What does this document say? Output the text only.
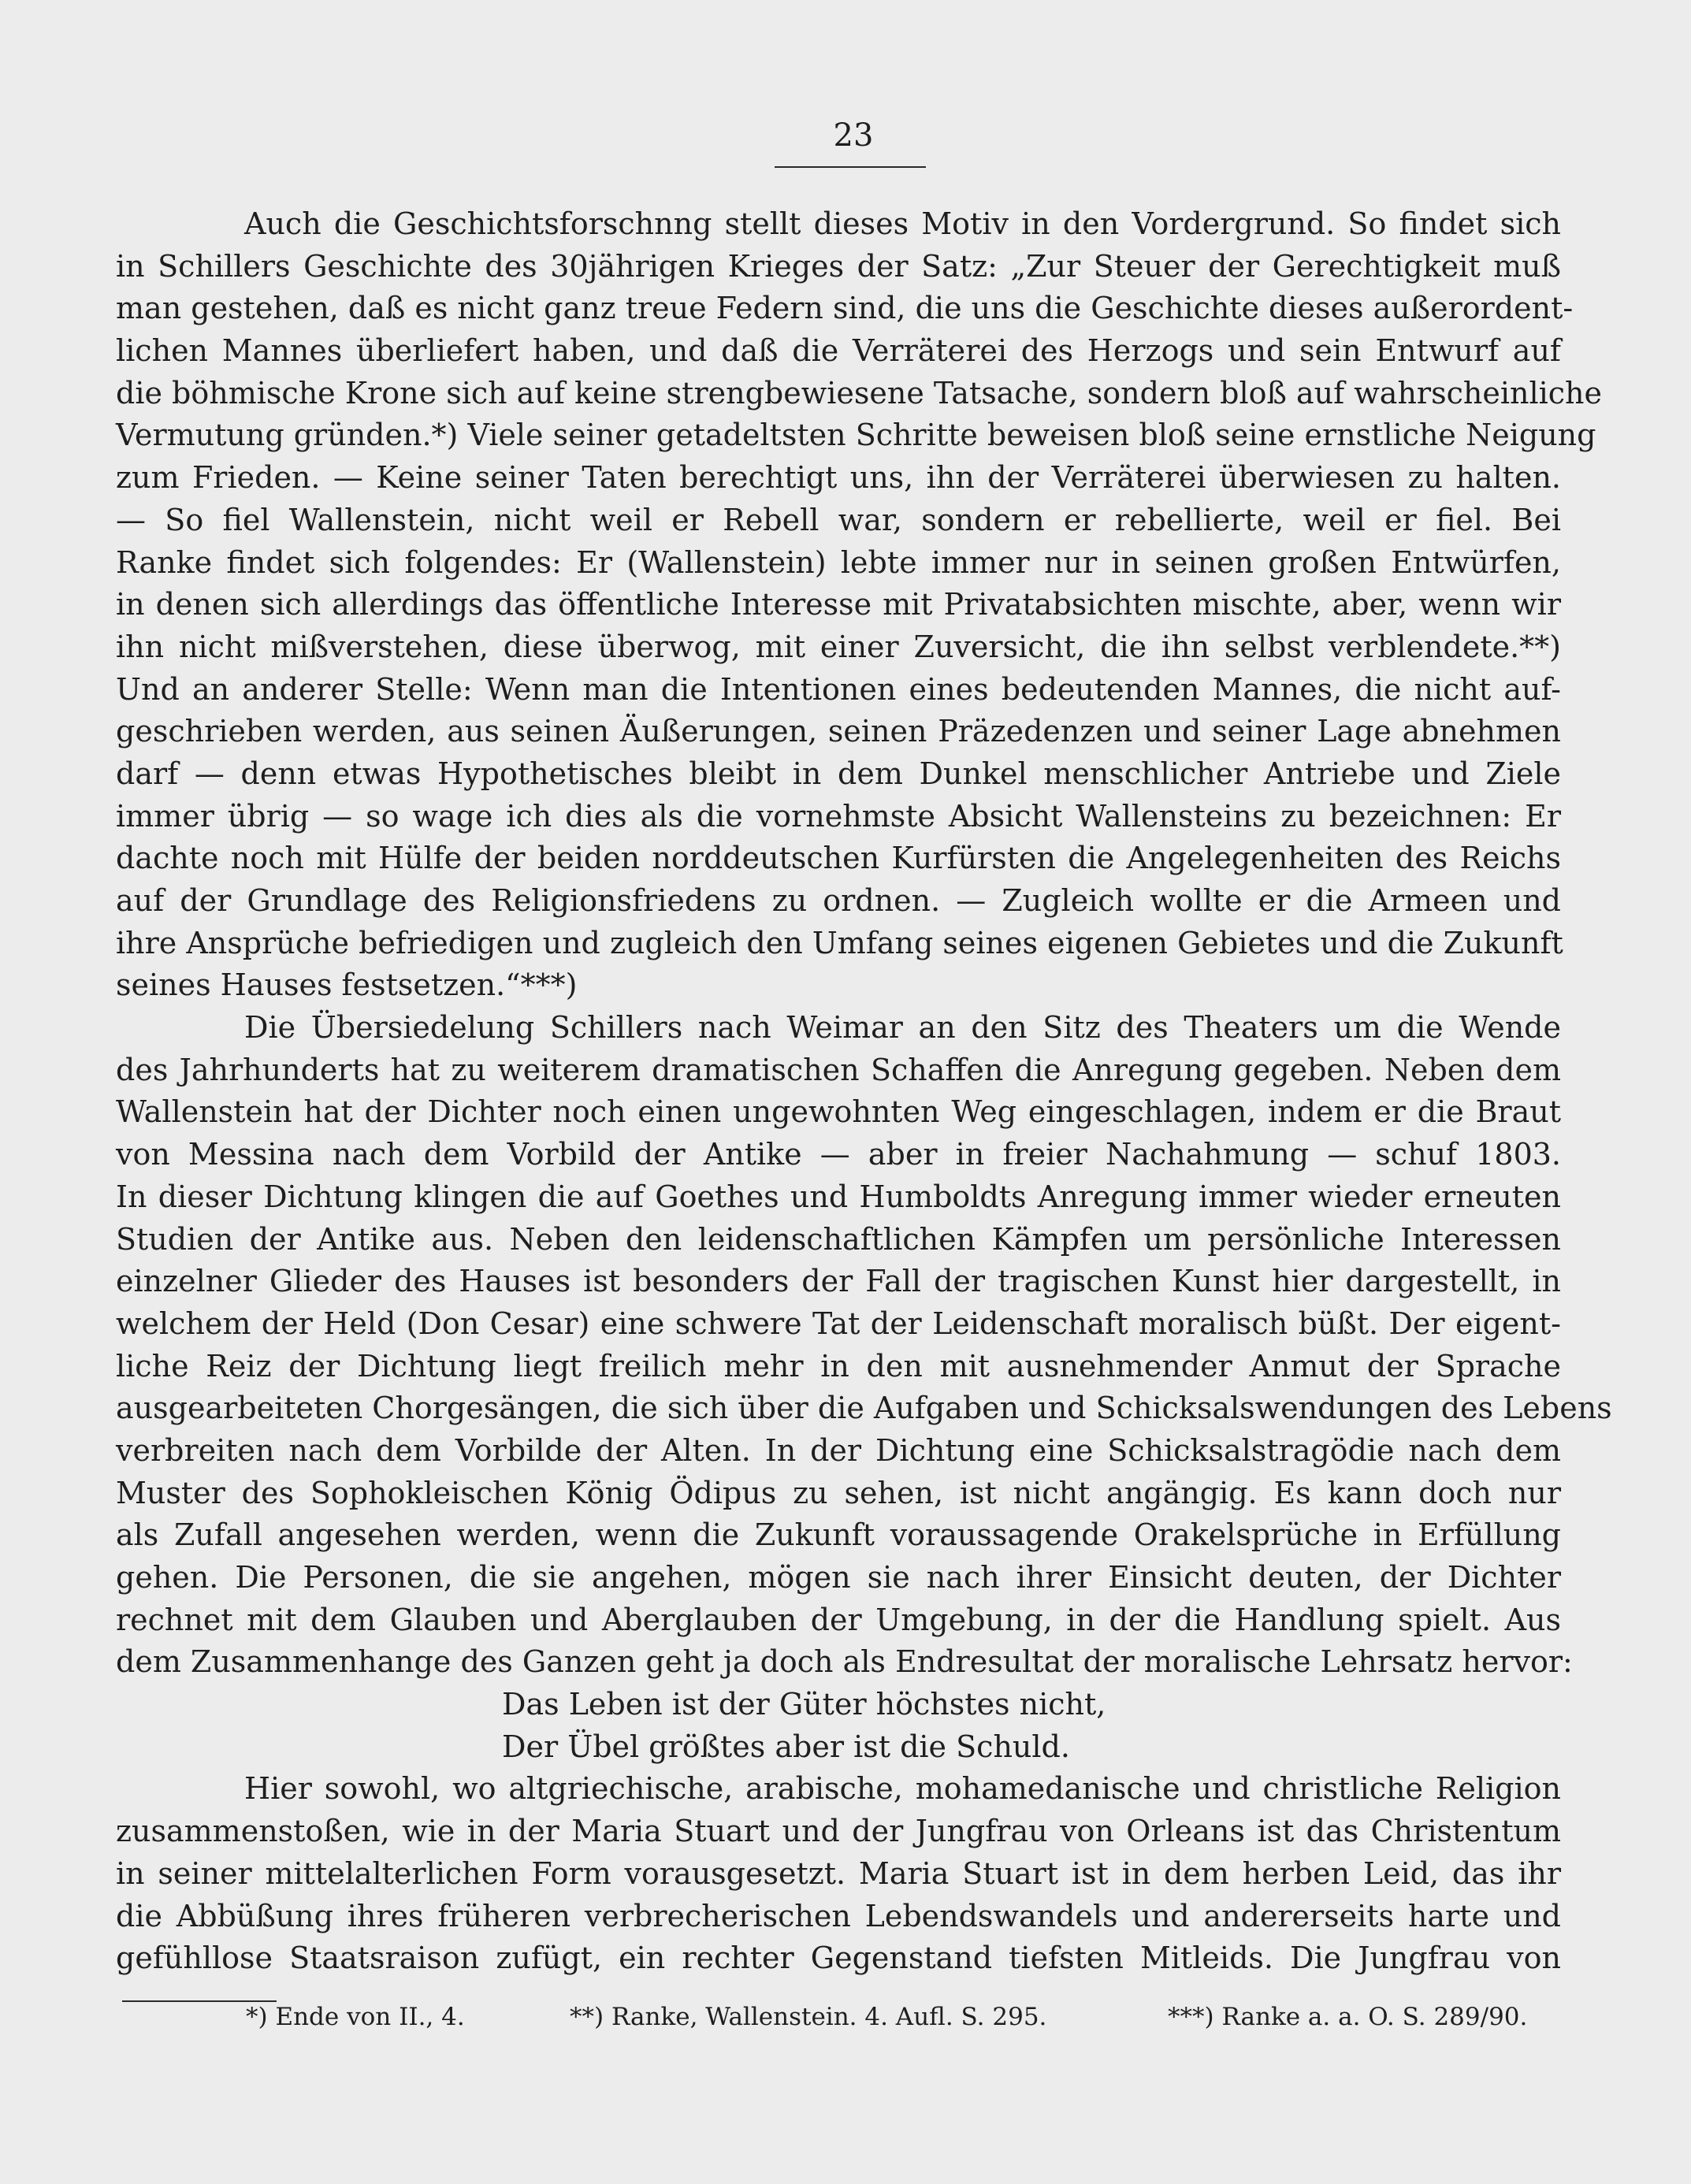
23
Auch die Geschichtsforschnng stellt dieses Motiv in den Vordergrund. So findet sich
in Schillers Geschichte des 30jährigen Krieges der Satz: „Zur Steuer der Gerechtigkeit muß
man gestehen, daß es nicht ganz treue Federn sind, die uns die Geschichte dieses außerordent-
lichen Mannes überliefert haben, und daß die Verräterei des Herzogs und sein Entwurf auf
die böhmische Krone sich auf keine strengbewiesene Tatsache, sondern bloß auf wahrscheinliche
Vermutung gründen.*) Viele seiner getadeltsten Schritte beweisen bloß seine ernstliche Neigung
zum Frieden. — Keine seiner Taten berechtigt uns, ihn der Verräterei überwiesen zu halten.
— So fiel Wallenstein, nicht weil er Rebell war, sondern er rebellierte, weil er fiel. Bei
Ranke findet sich folgendes: Er (Wallenstein) lebte immer nur in seinen großen Entwürfen,
in denen sich allerdings das öffentliche Interesse mit Privatabsichten mischte, aber, wenn wir
ihn nicht mißverstehen, diese überwog, mit einer Zuversicht, die ihn selbst verblendete.**)
Und an anderer Stelle: Wenn man die Intentionen eines bedeutenden Mannes, die nicht auf-
geschrieben werden, aus seinen Äußerungen, seinen Präzedenzen und seiner Lage abnehmen
darf — denn etwas Hypothetisches bleibt in dem Dunkel menschlicher Antriebe und Ziele
immer übrig — so wage ich dies als die vornehmste Absicht Wallensteins zu bezeichnen: Er
dachte noch mit Hülfe der beiden norddeutschen Kurfürsten die Angelegenheiten des Reichs
auf der Grundlage des Religionsfriedens zu ordnen. — Zugleich wollte er die Armeen und
ihre Ansprüche befriedigen und zugleich den Umfang seines eigenen Gebietes und die Zukunft
seines Hauses festsetzen.“***)
Die Übersiedelung Schillers nach Weimar an den Sitz des Theaters um die Wende
des Jahrhunderts hat zu weiterem dramatischen Schaffen die Anregung gegeben. Neben dem
Wallenstein hat der Dichter noch einen ungewohnten Weg eingeschlagen, indem er die Braut
von Messina nach dem Vorbild der Antike — aber in freier Nachahmung — schuf 1803.
In dieser Dichtung klingen die auf Goethes und Humboldts Anregung immer wieder erneuten
Studien der Antike aus. Neben den leidenschaftlichen Kämpfen um persönliche Interessen
einzelner Glieder des Hauses ist besonders der Fall der tragischen Kunst hier dargestellt, in
welchem der Held (Don Cesar) eine schwere Tat der Leidenschaft moralisch büßt. Der eigent-
liche Reiz der Dichtung liegt freilich mehr in den mit ausnehmender Anmut der Sprache
ausgearbeiteten Chorgesängen, die sich über die Aufgaben und Schicksalswendungen des Lebens
verbreiten nach dem Vorbilde der Alten. In der Dichtung eine Schicksalstragödie nach dem
Muster des Sophokleischen König Ödipus zu sehen, ist nicht angängig. Es kann doch nur
als Zufall angesehen werden, wenn die Zukunft voraussagende Orakelsprüche in Erfüllung
gehen. Die Personen, die sie angehen, mögen sie nach ihrer Einsicht deuten, der Dichter
rechnet mit dem Glauben und Aberglauben der Umgebung, in der die Handlung spielt. Aus
dem Zusammenhange des Ganzen geht ja doch als Endresultat der moralische Lehrsatz hervor:
Das Leben ist der Güter höchstes nicht,
Der Übel größtes aber ist die Schuld.
Hier sowohl, wo altgriechische, arabische, mohamedanische und christliche Religion
zusammenstoßen, wie in der Maria Stuart und der Jungfrau von Orleans ist das Christentum
in seiner mittelalterlichen Form vorausgesetzt. Maria Stuart ist in dem herben Leid, das ihr
die Abbüßung ihres früheren verbrecherischen Lebendswandels und andererseits harte und
gefühllose Staatsraison zufügt, ein rechter Gegenstand tiefsten Mitleids. Die Jungfrau von
*) Ende von II., 4.	**) Ranke, Wallenstein. 4. Aufl. S. 295.	***) Ranke a. a. O. S. 289/90.
